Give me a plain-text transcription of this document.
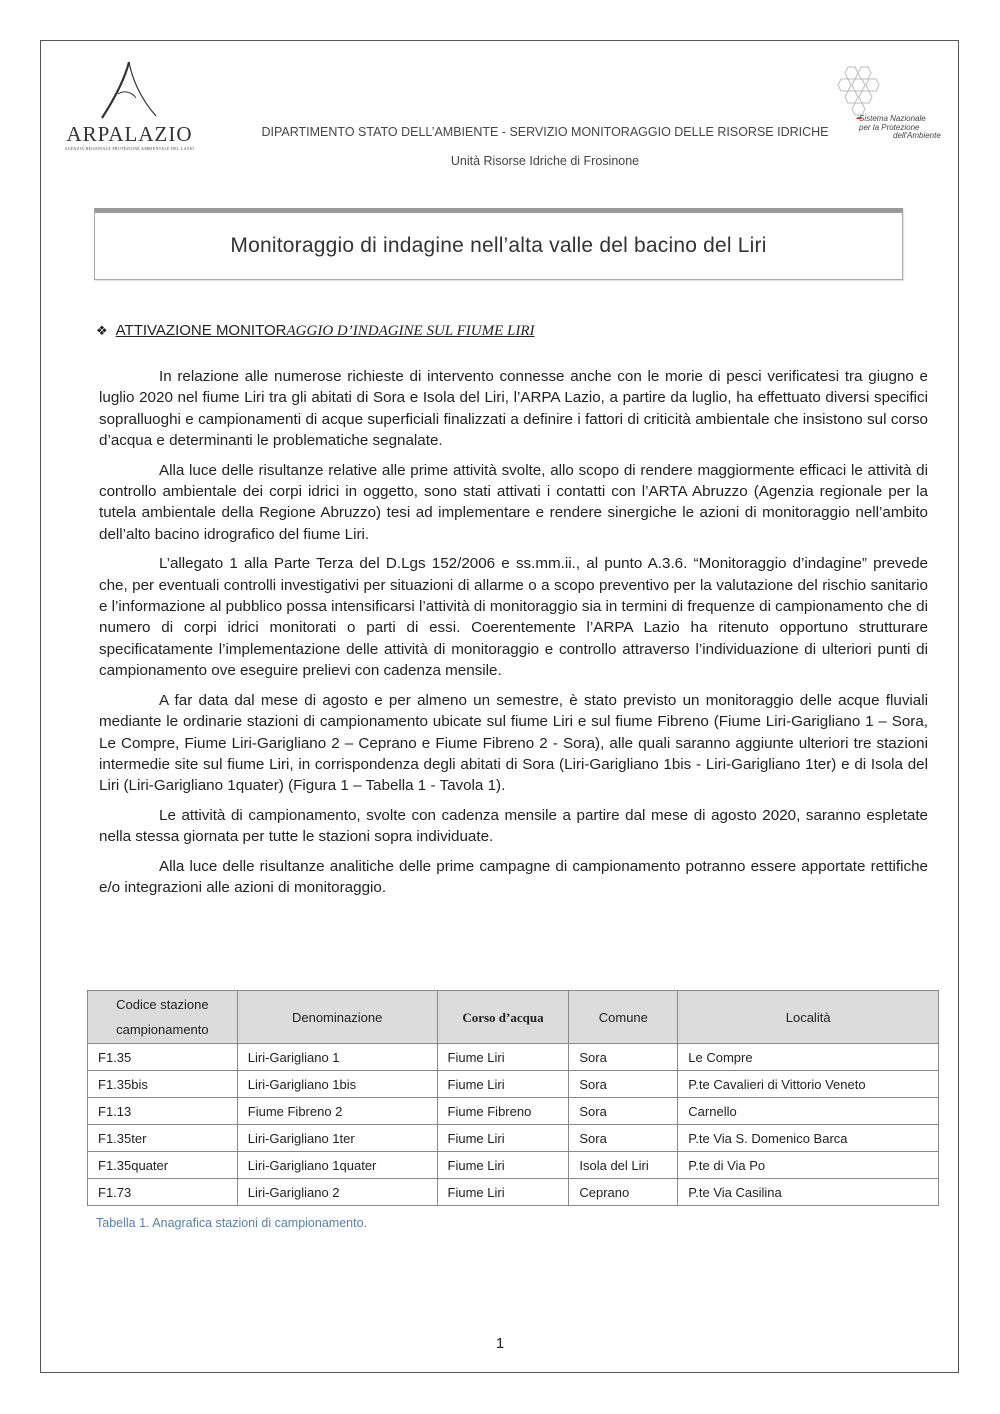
ARPALAZIO
AGENZIA REGIONALE PROTEZIONE AMBIENTALE DEL LAZIO
Sistema Nazionale
per la Protezione
dell'Ambiente
DIPARTIMENTO STATO DELL’AMBIENTE - SERVIZIO MONITORAGGIO DELLE RISORSE IDRICHE
Unità Risorse Idriche di Frosinone
Monitoraggio di indagine nell’alta valle del bacino del Liri
❖ ATTIVAZIONE MONITORAGGIO D’INDAGINE SUL FIUME LIRI

In relazione alle numerose richieste di intervento connesse anche con le morie di pesci verificatesi tra giugno e luglio 2020 nel fiume Liri tra gli abitati di Sora e Isola del Liri, l’ARPA Lazio, a partire da luglio, ha effettuato diversi specifici sopralluoghi e campionamenti di acque superficiali finalizzati a definire i fattori di criticità ambientale che insistono sul corso d’acqua e determinanti le problematiche segnalate.

Alla luce delle risultanze relative alle prime attività svolte, allo scopo di rendere maggiormente efficaci le attività di controllo ambientale dei corpi idrici in oggetto, sono stati attivati i contatti con l’ARTA Abruzzo (Agenzia regionale per la tutela ambientale della Regione Abruzzo) tesi ad implementare e rendere sinergiche le azioni di monitoraggio nell’ambito dell’alto bacino idrografico del fiume Liri.

L’allegato 1 alla Parte Terza del D.Lgs 152/2006 e ss.mm.ii., al punto A.3.6. “Monitoraggio d’indagine” prevede che, per eventuali controlli investigativi per situazioni di allarme o a scopo preventivo per la valutazione del rischio sanitario e l’informazione al pubblico possa intensificarsi l’attività di monitoraggio sia in termini di frequenze di campionamento che di numero di corpi idrici monitorati o parti di essi. Coerentemente l’ARPA Lazio ha ritenuto opportuno strutturare specificatamente l’implementazione delle attività di monitoraggio e controllo attraverso l’individuazione di ulteriori punti di campionamento ove eseguire prelievi con cadenza mensile.

A far data dal mese di agosto e per almeno un semestre, è stato previsto un monitoraggio delle acque fluviali mediante le ordinarie stazioni di campionamento ubicate sul fiume Liri e sul fiume Fibreno (Fiume Liri-Garigliano 1 – Sora, Le Compre, Fiume Liri-Garigliano 2 – Ceprano e Fiume Fibreno 2 - Sora), alle quali saranno aggiunte ulteriori tre stazioni intermedie site sul fiume Liri, in corrispondenza degli abitati di Sora (Liri-Garigliano 1bis - Liri-Garigliano 1ter) e di Isola del Liri (Liri-Garigliano 1quater) (Figura 1 – Tabella 1 - Tavola 1).

Le attività di campionamento, svolte con cadenza mensile a partire dal mese di agosto 2020, saranno espletate nella stessa giornata per tutte le stazioni sopra individuate.

Alla luce delle risultanze analitiche delle prime campagne di campionamento potranno essere apportate rettifiche e/o integrazioni alle azioni di monitoraggio.

Codice stazione campionamento	Denominazione	Corso d’acqua	Comune	Località
F1.35	Liri-Garigliano 1	Fiume Liri	Sora	Le Compre
F1.35bis	Liri-Garigliano 1bis	Fiume Liri	Sora	P.te Cavalieri di Vittorio Veneto
F1.13	Fiume Fibreno 2	Fiume Fibreno	Sora	Carnello
F1.35ter	Liri-Garigliano 1ter	Fiume Liri	Sora	P.te Via S. Domenico Barca
F1.35quater	Liri-Garigliano 1quater	Fiume Liri	Isola del Liri	P.te di Via Po
F1.73	Liri-Garigliano 2	Fiume Liri	Ceprano	P.te Via Casilina
Tabella 1. Anagrafica stazioni di campionamento.
1
